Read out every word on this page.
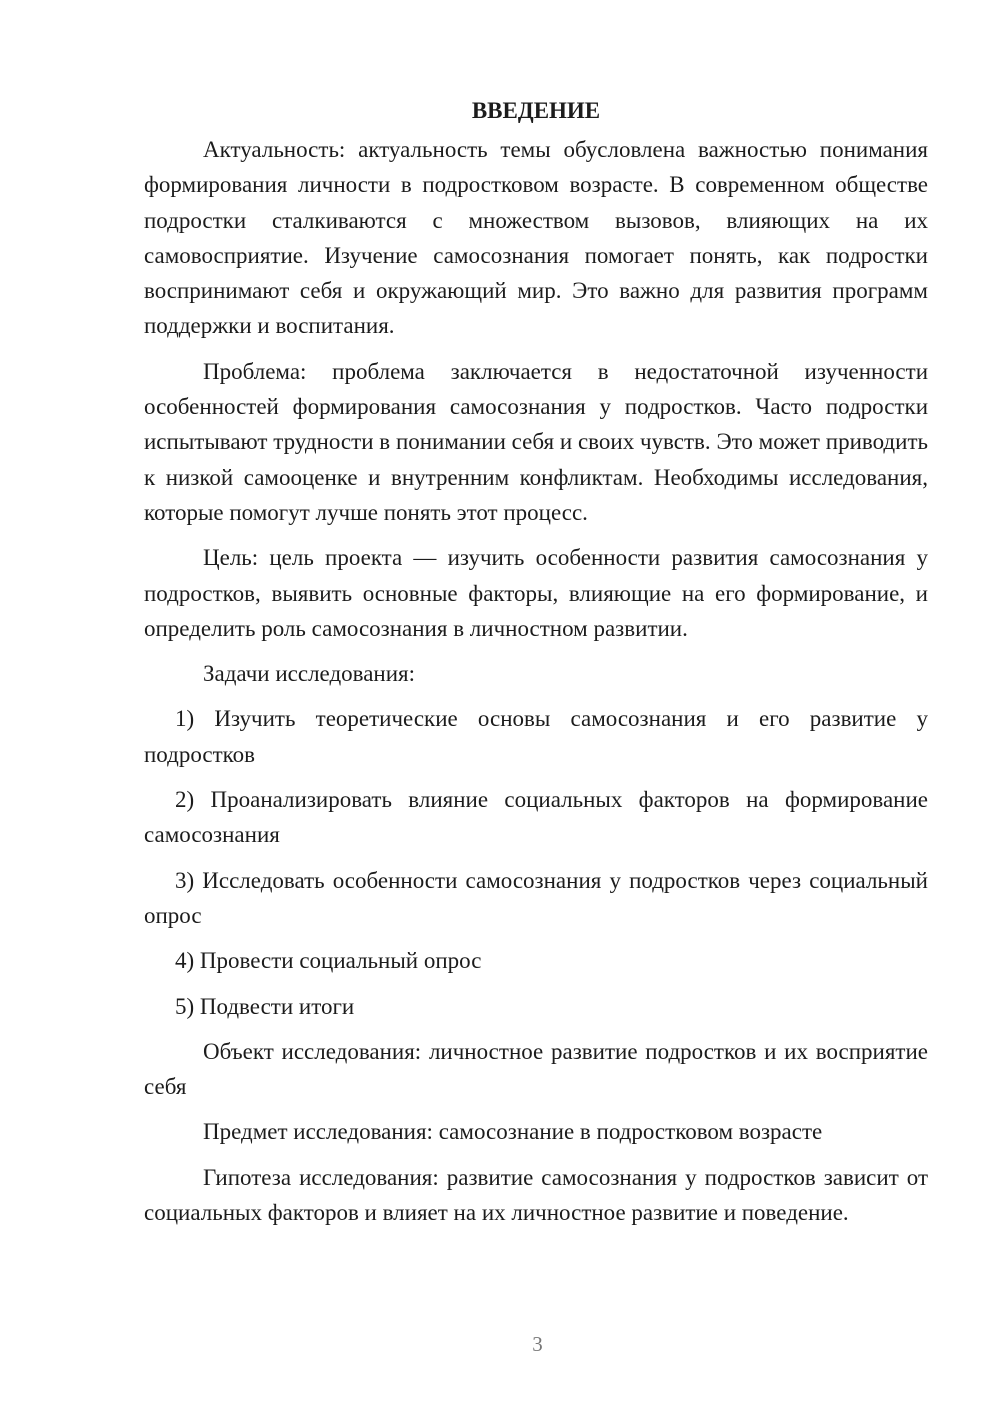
ВВЕДЕНИЕ

Актуальность: актуальность темы обусловлена важностью понимания формирования личности в подростковом возрасте. В современном обществе подростки сталкиваются с множеством вызовов, влияющих на их самовосприятие. Изучение самосознания помогает понять, как подростки воспринимают себя и окружающий мир. Это важно для развития программ поддержки и воспитания.

Проблема: проблема заключается в недостаточной изученности особенностей формирования самосознания у подростков. Часто подростки испытывают трудности в понимании себя и своих чувств. Это может приводить к низкой самооценке и внутренним конфликтам. Необходимы исследования, которые помогут лучше понять этот процесс.

Цель: цель проекта — изучить особенности развития самосознания у подростков, выявить основные факторы, влияющие на его формирование, и определить роль самосознания в личностном развитии.

Задачи исследования:

1) Изучить теоретические основы самосознания и его развитие у подростков

2) Проанализировать влияние социальных факторов на формирование самосознания

3) Исследовать особенности самосознания у подростков через социальный опрос

4) Провести социальный опрос

5) Подвести итоги

Объект исследования: личностное развитие подростков и их восприятие себя

Предмет исследования: самосознание в подростковом возрасте

Гипотеза исследования: развитие самосознания у подростков зависит от социальных факторов и влияет на их личностное развитие и поведение.

3
